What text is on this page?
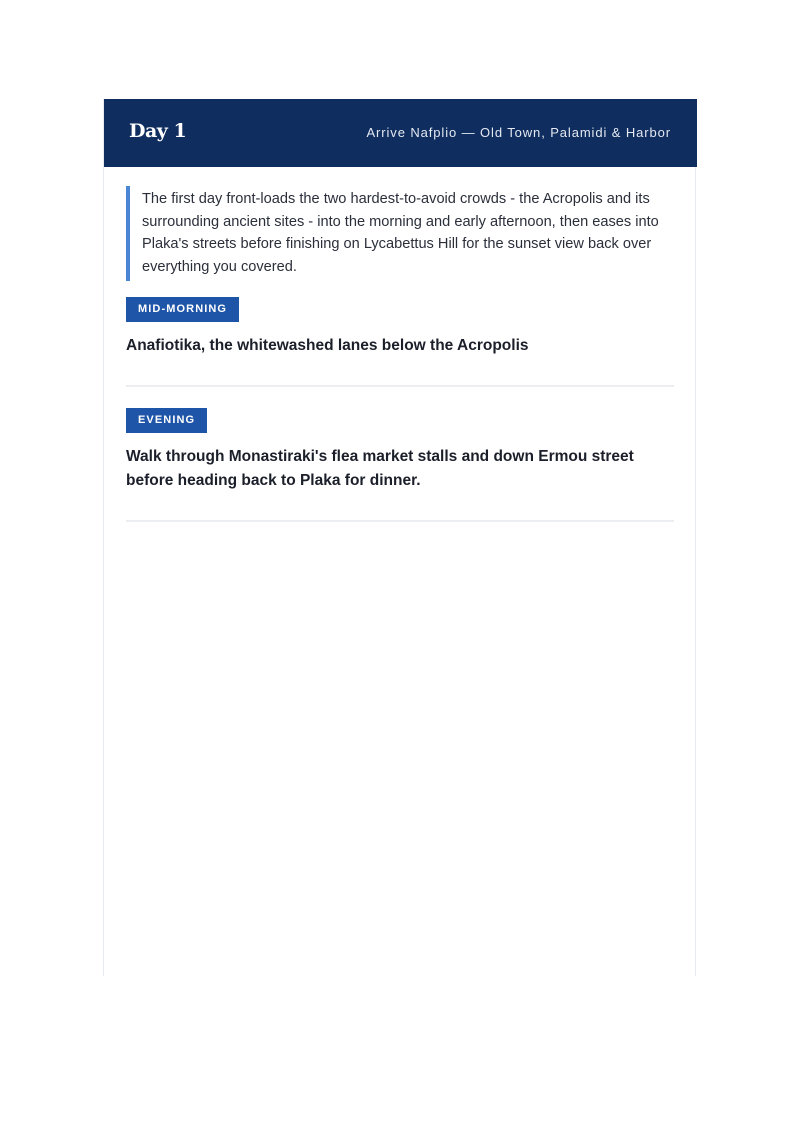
Day 1	Arrive Nafplio — Old Town, Palamidi & Harbor
The first day front-loads the two hardest-to-avoid crowds - the Acropolis and its surrounding ancient sites - into the morning and early afternoon, then eases into Plaka's streets before finishing on Lycabettus Hill for the sunset view back over everything you covered.
MID-MORNING
Anafiotika, the whitewashed lanes below the Acropolis
EVENING
Walk through Monastiraki's flea market stalls and down Ermou street before heading back to Plaka for dinner.
